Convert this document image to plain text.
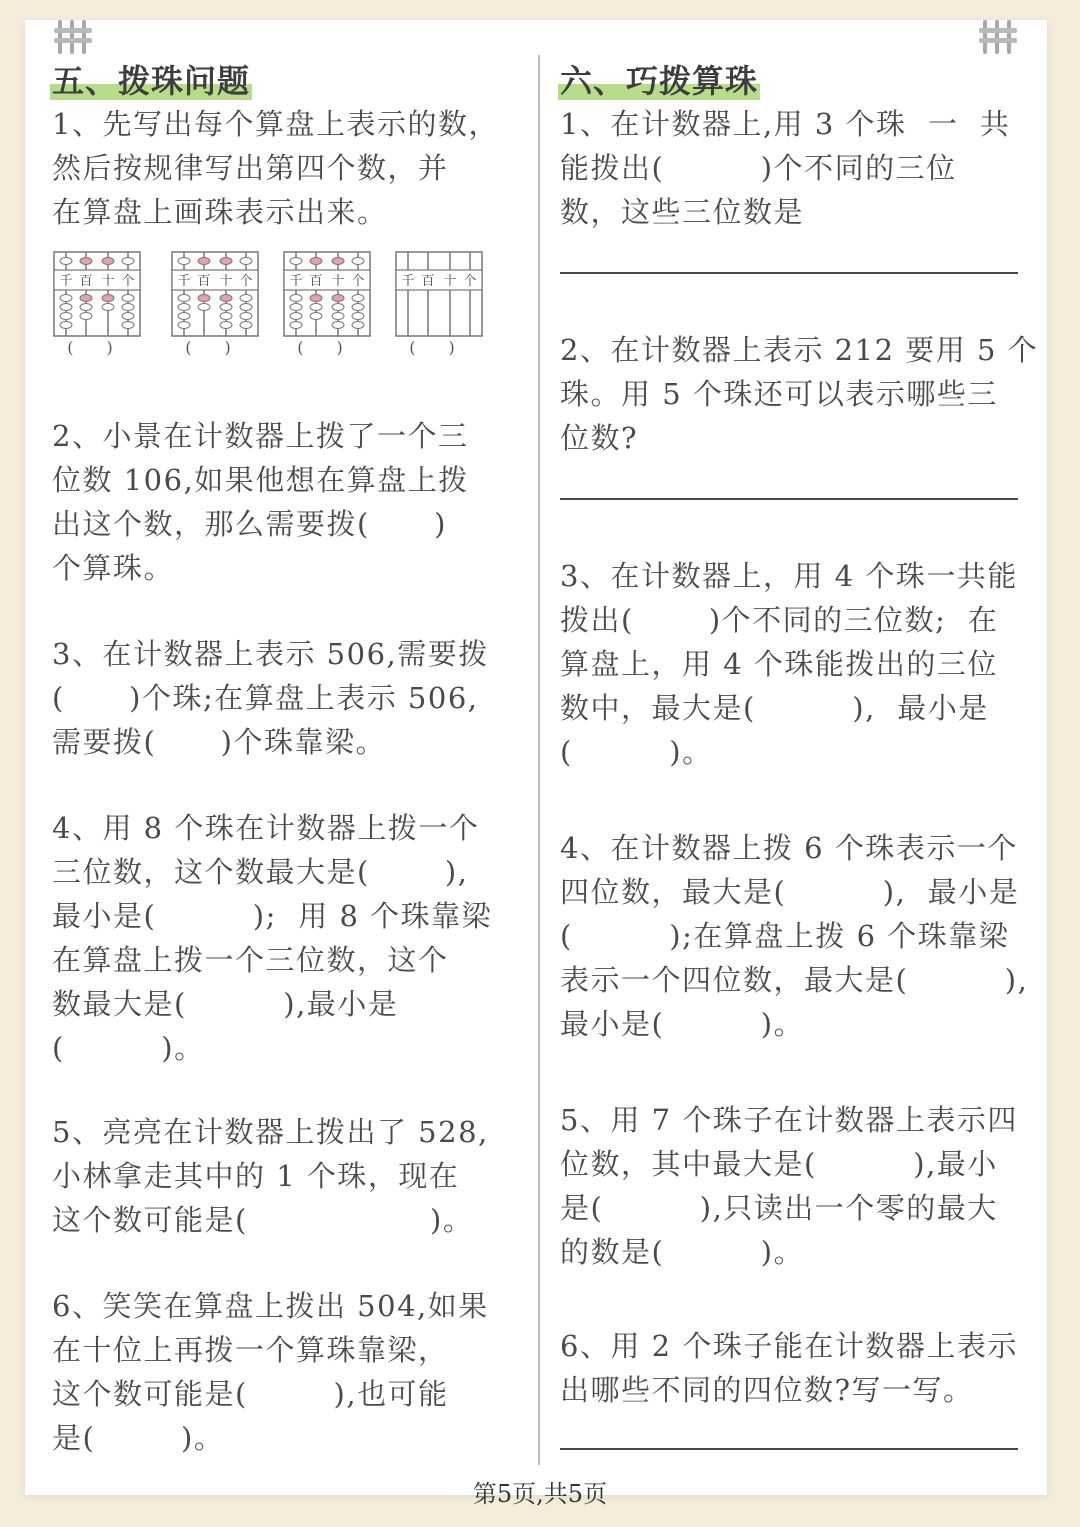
五、拨珠问题

1、先写出每个算盘上表示的数，
然后按规律写出第四个数，并
在算盘上画珠表示出来。

千 百 十 个
( )
千 百 十 个
( )
千 百 十 个
( )
千 百 十 个
( )

2、小景在计数器上拨了一个三
位数 106,如果他想在算盘上拨
出这个数，那么需要拨(      )
个算珠。

3、在计数器上表示 506,需要拨
(      )个珠;在算盘上表示 506,
需要拨(      )个珠靠梁。

4、用 8 个珠在计数器上拨一个
三位数，这个数最大是(       ),
最小是(         );  用 8 个珠靠梁
在算盘上拨一个三位数，这个
数最大是(         ),最小是
(         )。

5、亮亮在计数器上拨出了 528,
小林拿走其中的 1 个珠，现在
这个数可能是(                 )。

6、笑笑在算盘上拨出 504,如果
在十位上再拨一个算珠靠梁，
这个数可能是(        ),也可能
是(        )。

六、巧拨算珠

1、在计数器上,用 3 个珠  一  共
能拨出(         )个不同的三位
数，这些三位数是

2、在计数器上表示 212 要用 5 个
珠。用 5 个珠还可以表示哪些三
位数?

3、在计数器上，用 4 个珠一共能
拨出(       )个不同的三位数;  在
算盘上，用 4 个珠能拨出的三位
数中，最大是(         ),  最小是
(         )。

4、在计数器上拨 6 个珠表示一个
四位数，最大是(         ),  最小是
(         );在算盘上拨 6 个珠靠梁
表示一个四位数，最大是(         ),
最小是(         )。

5、用 7 个珠子在计数器上表示四
位数，其中最大是(         ),最小
是(         ),只读出一个零的最大
的数是(         )。

6、用 2 个珠子能在计数器上表示
出哪些不同的四位数?写一写。

第5页,共5页
